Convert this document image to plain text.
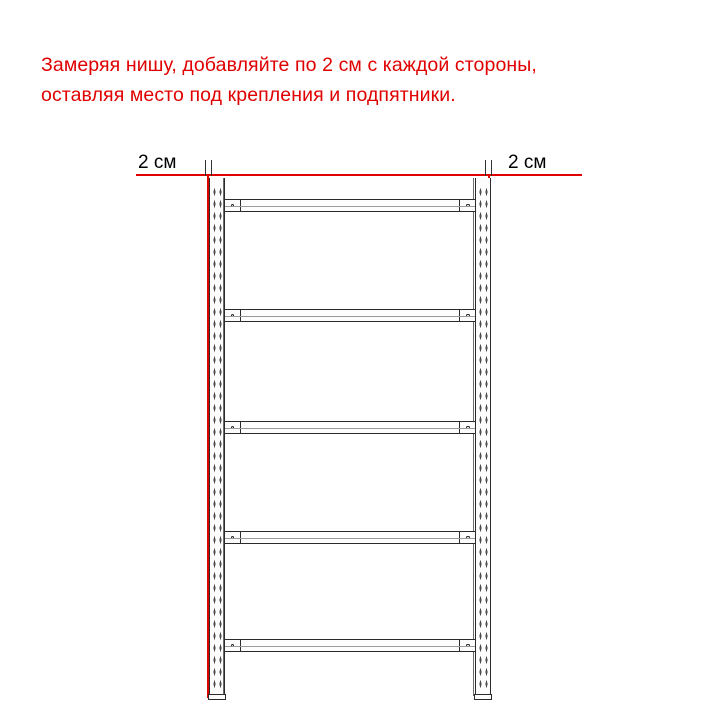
Замеряя нишу, добавляйте по 2 см с каждой стороны,
оставляя место под крепления и подпятники.
2 см	2 см
